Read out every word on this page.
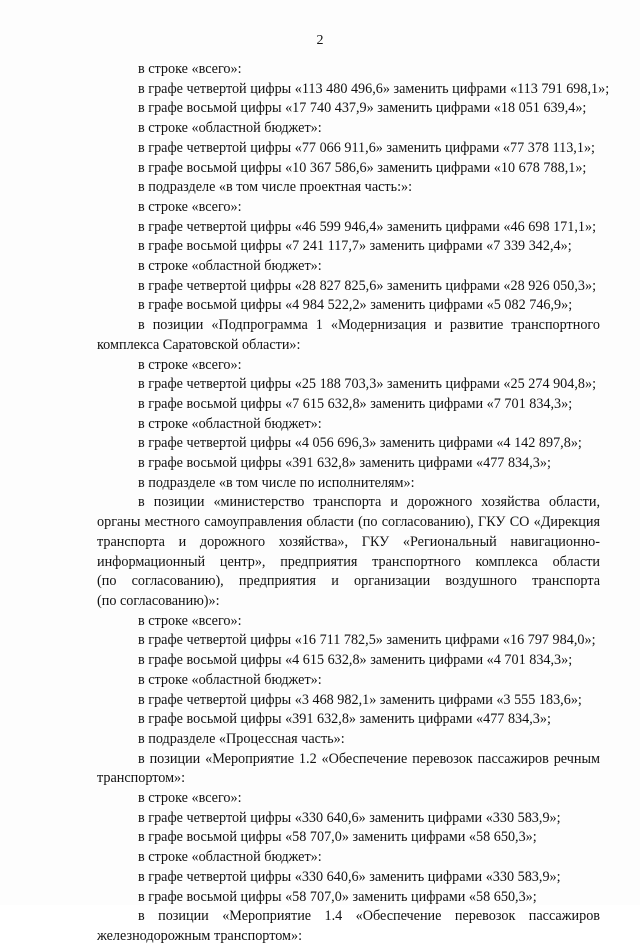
2
в строке «всего»:
в графе четвертой цифры «113 480 496,6» заменить цифрами «113 791 698,1»;
в графе восьмой цифры «17 740 437,9» заменить цифрами «18 051 639,4»;
в строке «областной бюджет»:
в графе четвертой цифры «77 066 911,6» заменить цифрами «77 378 113,1»;
в графе восьмой цифры «10 367 586,6» заменить цифрами «10 678 788,1»;
в подразделе «в том числе проектная часть:»:
в строке «всего»:
в графе четвертой цифры «46 599 946,4» заменить цифрами «46 698 171,1»;
в графе восьмой цифры «7 241 117,7» заменить цифрами «7 339 342,4»;
в строке «областной бюджет»:
в графе четвертой цифры «28 827 825,6» заменить цифрами «28 926 050,3»;
в графе восьмой цифры «4 984 522,2» заменить цифрами «5 082 746,9»;
в позиции «Подпрограмма 1 «Модернизация и развитие транспортного
комплекса Саратовской области»:
в строке «всего»:
в графе четвертой цифры «25 188 703,3» заменить цифрами «25 274 904,8»;
в графе восьмой цифры «7 615 632,8» заменить цифрами «7 701 834,3»;
в строке «областной бюджет»:
в графе четвертой цифры «4 056 696,3» заменить цифрами «4 142 897,8»;
в графе восьмой цифры «391 632,8» заменить цифрами «477 834,3»;
в подразделе «в том числе по исполнителям»:
в позиции «министерство транспорта и дорожного хозяйства области,
органы местного самоуправления области (по согласованию), ГКУ СО «Дирекция
транспорта и дорожного хозяйства», ГКУ «Региональный навигационно-
информационный центр», предприятия транспортного комплекса области
(по согласованию), предприятия и организации воздушного транспорта
(по согласованию)»:
в строке «всего»:
в графе четвертой цифры «16 711 782,5» заменить цифрами «16 797 984,0»;
в графе восьмой цифры «4 615 632,8» заменить цифрами «4 701 834,3»;
в строке «областной бюджет»:
в графе четвертой цифры «3 468 982,1» заменить цифрами «3 555 183,6»;
в графе восьмой цифры «391 632,8» заменить цифрами «477 834,3»;
в подразделе «Процессная часть»:
в позиции «Мероприятие 1.2 «Обеспечение перевозок пассажиров речным
транспортом»:
в строке «всего»:
в графе четвертой цифры «330 640,6» заменить цифрами «330 583,9»;
в графе восьмой цифры «58 707,0» заменить цифрами «58 650,3»;
в строке «областной бюджет»:
в графе четвертой цифры «330 640,6» заменить цифрами «330 583,9»;
в графе восьмой цифры «58 707,0» заменить цифрами «58 650,3»;
в позиции «Мероприятие 1.4 «Обеспечение перевозок пассажиров
железнодорожным транспортом»:
